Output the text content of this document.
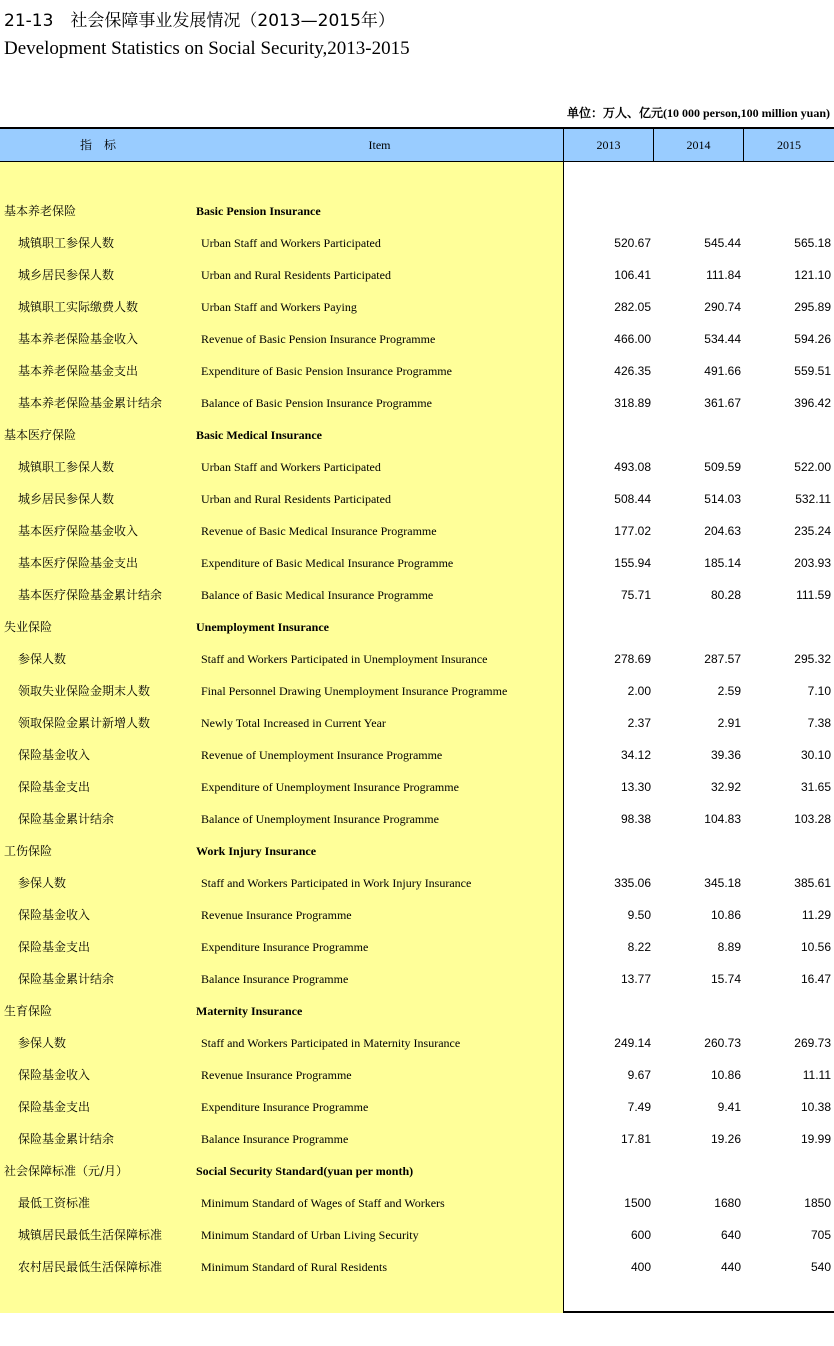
21-13　社会保障事业发展情况（2013—2015年）
Development Statistics on Social Security,2013-2015
单位：万人、亿元(10 000 person,100 million yuan)
指　标	Item	2013	2014	2015
基本养老保险	Basic Pension Insurance
城镇职工参保人数	Urban Staff and Workers Participated	520.67	545.44	565.18
城乡居民参保人数	Urban and Rural Residents Participated	106.41	111.84	121.10
城镇职工实际缴费人数	Urban Staff and Workers Paying	282.05	290.74	295.89
基本养老保险基金收入	Revenue of Basic Pension Insurance Programme	466.00	534.44	594.26
基本养老保险基金支出	Expenditure of Basic Pension Insurance Programme	426.35	491.66	559.51
基本养老保险基金累计结余	Balance of Basic Pension Insurance Programme	318.89	361.67	396.42
基本医疗保险	Basic Medical Insurance
城镇职工参保人数	Urban Staff and Workers Participated	493.08	509.59	522.00
城乡居民参保人数	Urban and Rural Residents Participated	508.44	514.03	532.11
基本医疗保险基金收入	Revenue of Basic Medical Insurance Programme	177.02	204.63	235.24
基本医疗保险基金支出	Expenditure of Basic Medical Insurance Programme	155.94	185.14	203.93
基本医疗保险基金累计结余	Balance of Basic Medical Insurance Programme	75.71	80.28	111.59
失业保险	Unemployment Insurance
参保人数	Staff and Workers Participated in Unemployment Insurance	278.69	287.57	295.32
领取失业保险金期末人数	Final Personnel Drawing Unemployment Insurance Programme	2.00	2.59	7.10
领取保险金累计新增人数	Newly Total Increased in Current Year	2.37	2.91	7.38
保险基金收入	Revenue of Unemployment Insurance Programme	34.12	39.36	30.10
保险基金支出	Expenditure of Unemployment Insurance Programme	13.30	32.92	31.65
保险基金累计结余	Balance of Unemployment Insurance Programme	98.38	104.83	103.28
工伤保险	Work Injury Insurance
参保人数	Staff and Workers Participated in Work Injury Insurance	335.06	345.18	385.61
保险基金收入	Revenue Insurance Programme	9.50	10.86	11.29
保险基金支出	Expenditure Insurance Programme	8.22	8.89	10.56
保险基金累计结余	Balance Insurance Programme	13.77	15.74	16.47
生育保险	Maternity Insurance
参保人数	Staff and Workers Participated in Maternity Insurance	249.14	260.73	269.73
保险基金收入	Revenue Insurance Programme	9.67	10.86	11.11
保险基金支出	Expenditure Insurance Programme	7.49	9.41	10.38
保险基金累计结余	Balance Insurance Programme	17.81	19.26	19.99
社会保障标准（元/月）	Social Security Standard(yuan per month)
最低工资标准	Minimum Standard of Wages of Staff and Workers	1500	1680	1850
城镇居民最低生活保障标准	Minimum Standard of Urban Living Security	600	640	705
农村居民最低生活保障标准	Minimum Standard of Rural Residents	400	440	540
